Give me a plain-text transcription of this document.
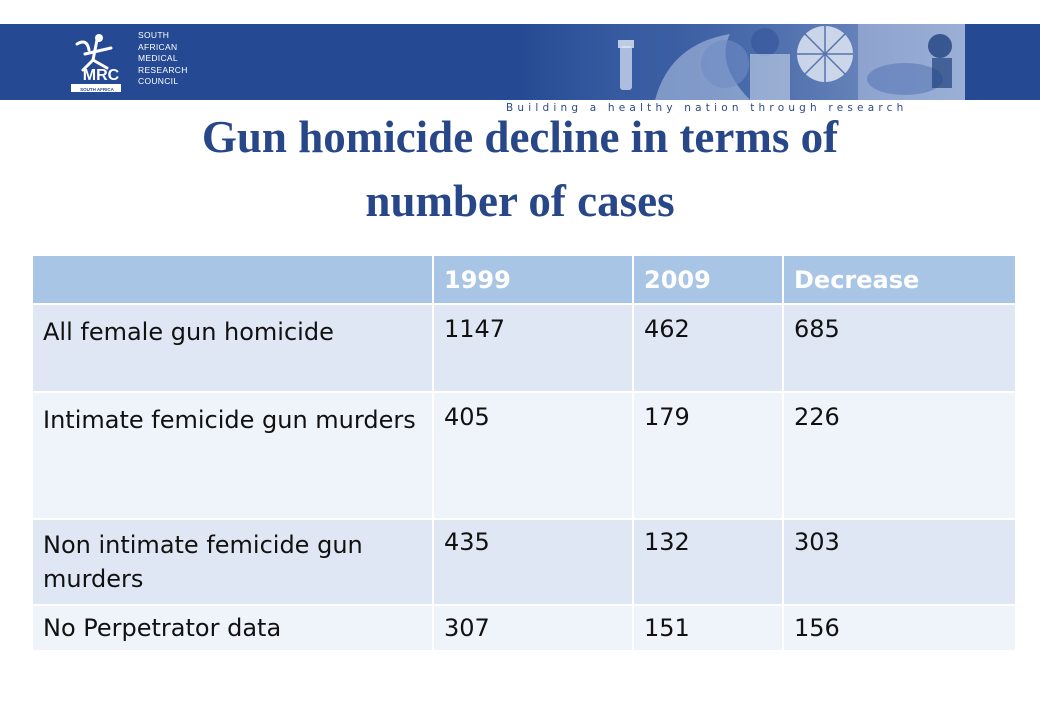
MRC
SOUTH AFRICA
SOUTH
AFRICAN
MEDICAL
RESEARCH
COUNCIL
Building a healthy nation through research
Gun homicide decline in terms of
number of cases
	1999	2009	Decrease
All female gun homicide	1147	462	685
Intimate femicide gun murders	405	179	226
Non intimate femicide gun murders	435	132	303
No Perpetrator data	307	151	156
